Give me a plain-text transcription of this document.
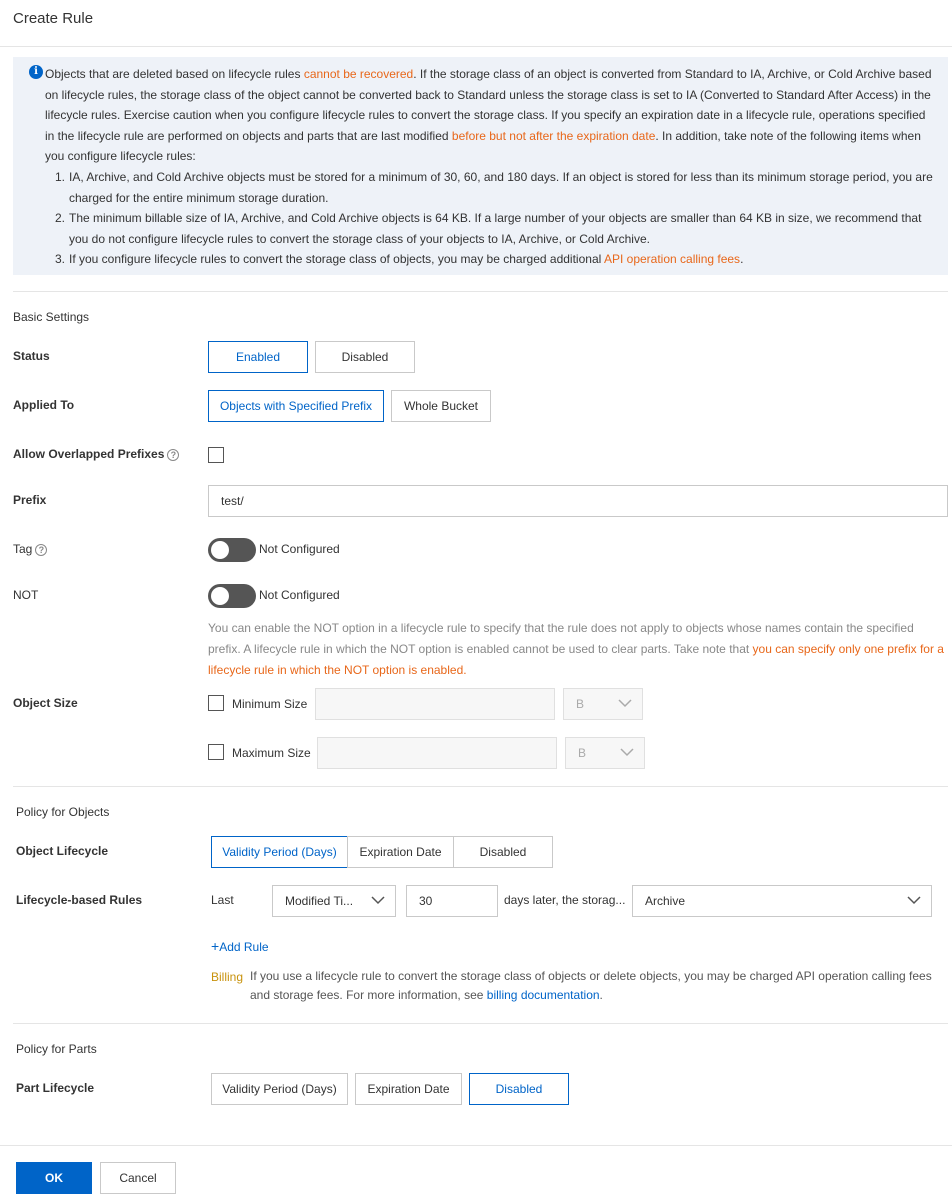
Create Rule
i Objects that are deleted based on lifecycle rules cannot be recovered. If the storage class of an object is converted from Standard to IA, Archive, or Cold Archive based on lifecycle rules, the storage class of the object cannot be converted back to Standard unless the storage class is set to IA (Converted to Standard After Access) in the lifecycle rules. Exercise caution when you configure lifecycle rules to convert the storage class. If you specify an expiration date in a lifecycle rule, operations specified in the lifecycle rule are performed on objects and parts that are last modified before but not after the expiration date. In addition, take note of the following items when you configure lifecycle rules:
1. IA, Archive, and Cold Archive objects must be stored for a minimum of 30, 60, and 180 days. If an object is stored for less than its minimum storage period, you are charged for the entire minimum storage duration.
2. The minimum billable size of IA, Archive, and Cold Archive objects is 64 KB. If a large number of your objects are smaller than 64 KB in size, we recommend that you do not configure lifecycle rules to convert the storage class of your objects to IA, Archive, or Cold Archive.
3. If you configure lifecycle rules to convert the storage class of objects, you may be charged additional API operation calling fees.
Basic Settings
Status	Enabled	Disabled
Applied To	Objects with Specified Prefix	Whole Bucket
Allow Overlapped Prefixes ?
Prefix	test/
Tag ?	Not Configured
NOT	Not Configured
You can enable the NOT option in a lifecycle rule to specify that the rule does not apply to objects whose names contain the specified prefix. A lifecycle rule in which the NOT option is enabled cannot be used to clear parts. Take note that you can specify only one prefix for a lifecycle rule in which the NOT option is enabled.
Object Size	Minimum Size	B
Maximum Size	B
Policy for Objects
Object Lifecycle	Validity Period (Days)	Expiration Date	Disabled
Lifecycle-based Rules	Last	Modified Ti...	30	days later, the storag...	Archive
+Add Rule
Billing If you use a lifecycle rule to convert the storage class of objects or delete objects, you may be charged API operation calling fees and storage fees. For more information, see billing documentation.
Policy for Parts
Part Lifecycle	Validity Period (Days)	Expiration Date	Disabled
OK	Cancel
